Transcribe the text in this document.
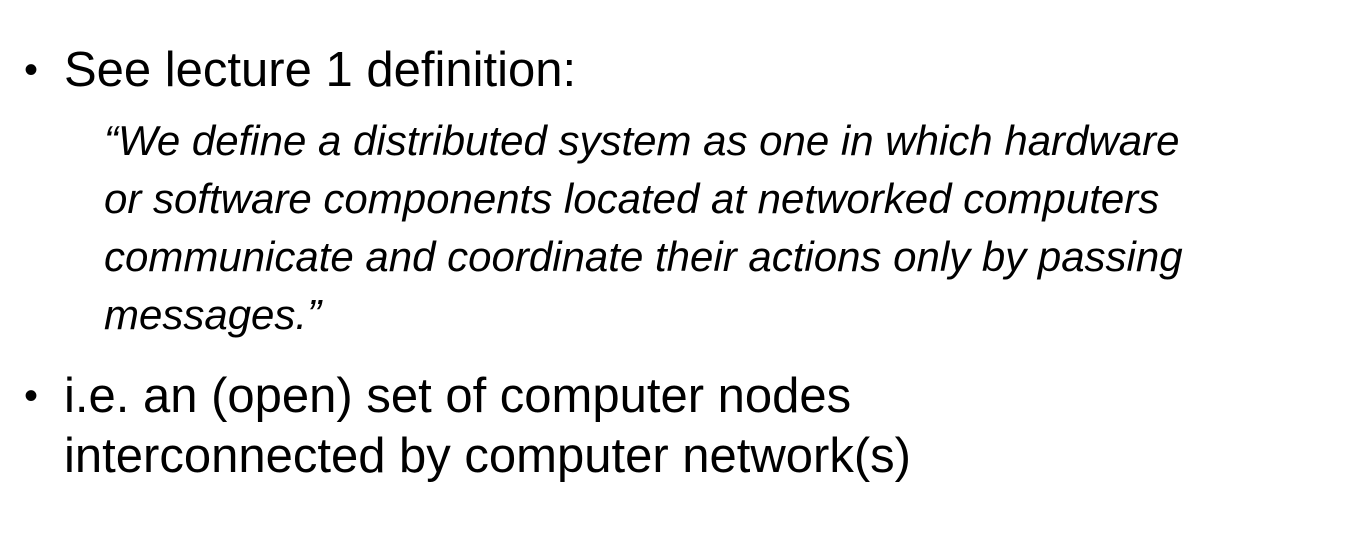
• See lecture 1 definition:
“We define a distributed system as one in which hardware
or software components located at networked computers
communicate and coordinate their actions only by passing
messages.”
• i.e. an (open) set of computer nodes
interconnected by computer network(s)
